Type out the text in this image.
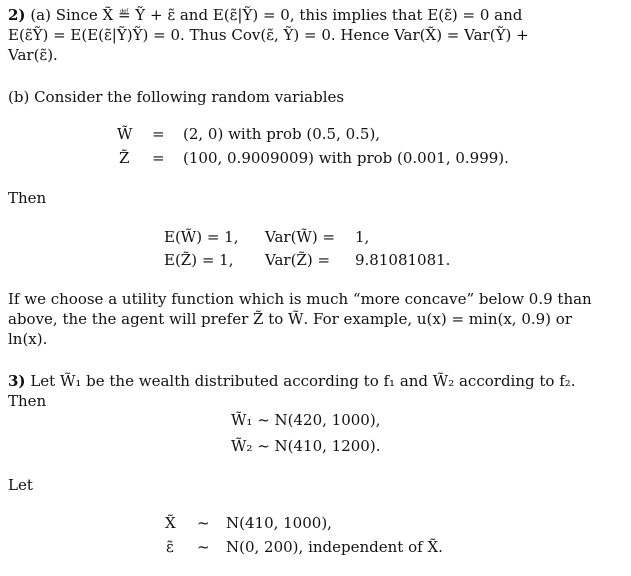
2) (a) Since X̃ ≝ Ỹ + ε̃ and E(ε̃|Ỹ) = 0, this implies that E(ε̃) = 0 and
E(ε̃Ỹ) = E(E(ε̃|Ỹ)Ỹ) = 0. Thus Cov(ε̃, Ỹ) = 0. Hence Var(X̃) = Var(Ỹ) +
Var(ε̃).
(b) Consider the following random variables
W̃ = (2, 0) with prob (0.5, 0.5),
Z̃ = (100, 0.9009009) with prob (0.001, 0.999).
Then
E(W̃) = 1, Var(W̃) = 1,
E(Z̃) = 1, Var(Z̃) = 9.81081081.
If we choose a utility function which is much “more concave” below 0.9 than
above, the the agent will prefer Z̃ to W̃. For example, u(x) = min(x, 0.9) or
ln(x).
3) Let W̃₁ be the wealth distributed according to f₁ and W̃₂ according to f₂.
Then
W̃₁ ~ N(420, 1000),
W̃₂ ~ N(410, 1200).
Let
X̃ ~ N(410, 1000),
ε̃ ~ N(0, 200), independent of X̃.
